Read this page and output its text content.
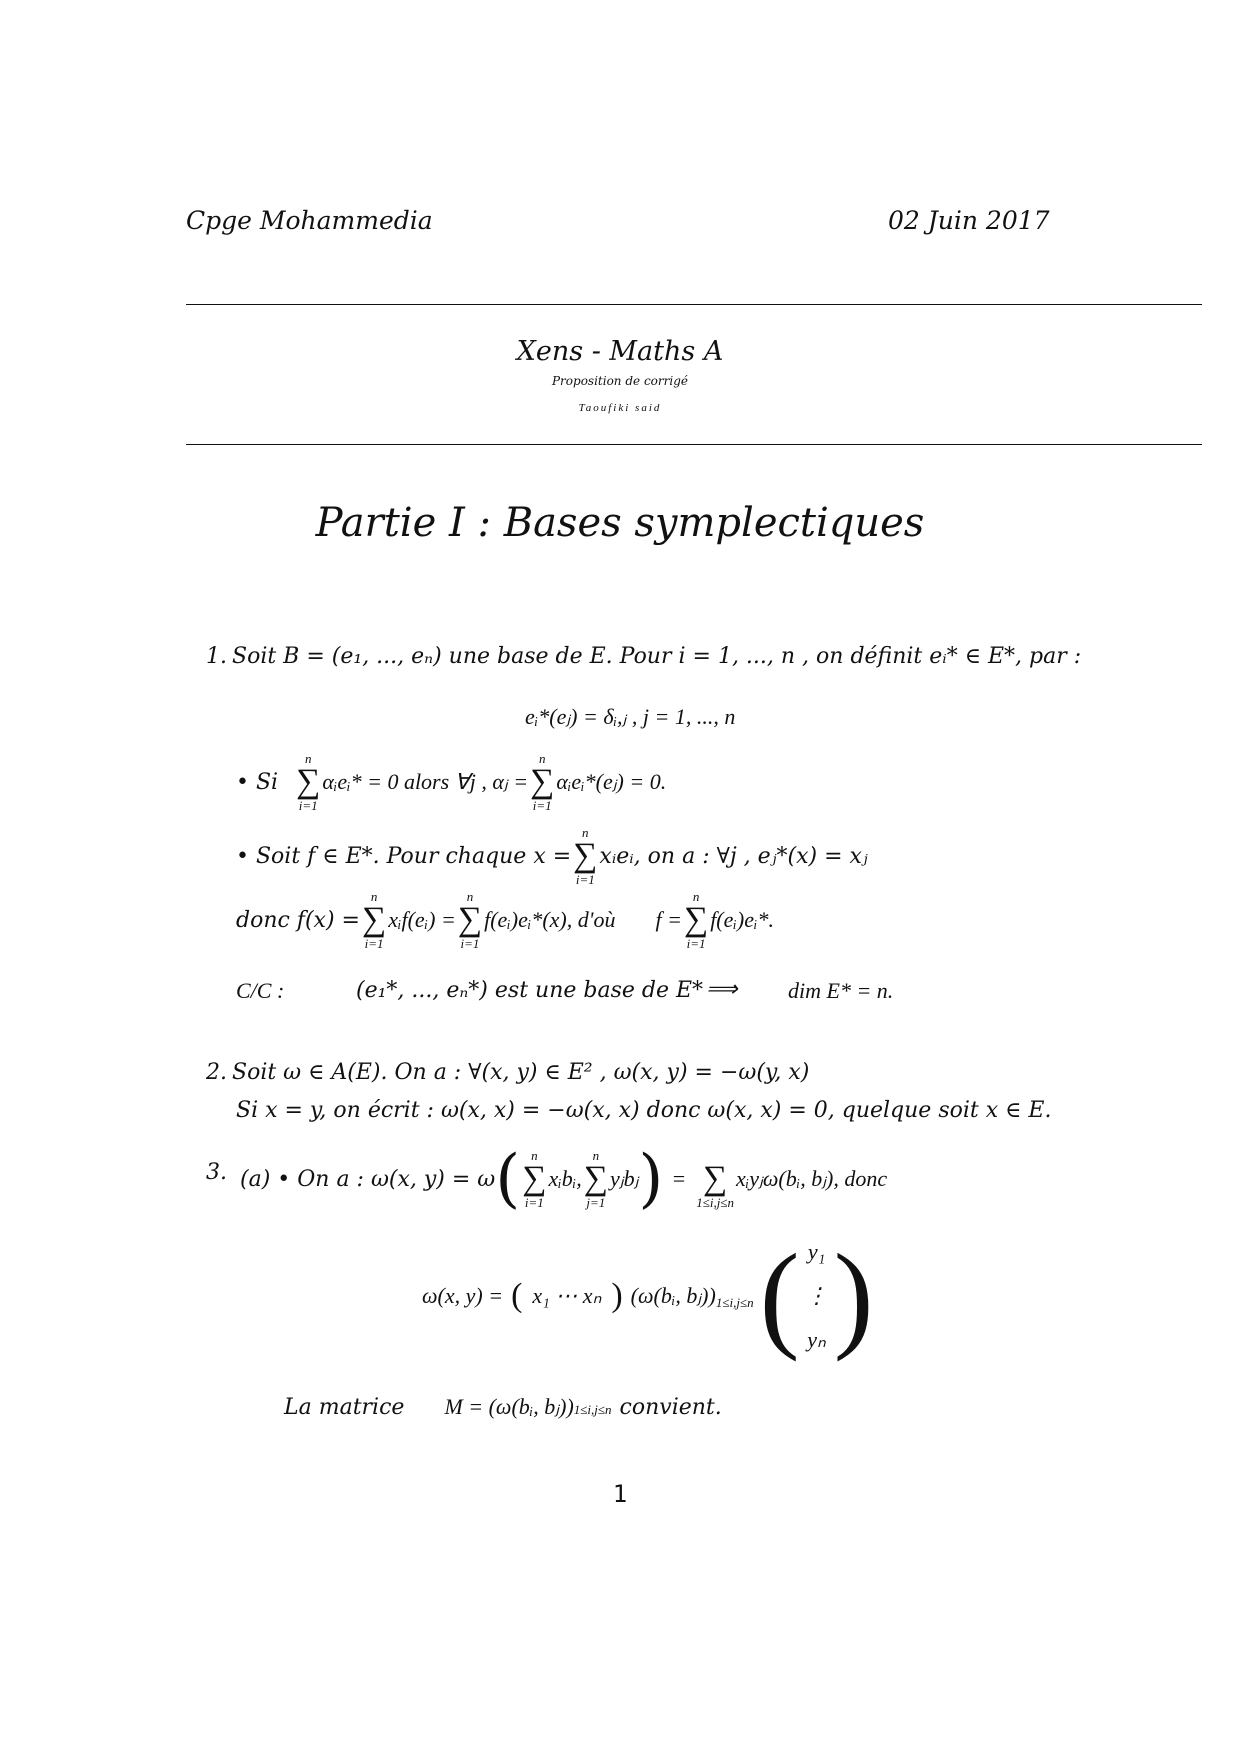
Cpge Mohammedia	02 Juin 2017
Xens - Maths A
Proposition de corrigé
Taoufiki said
Partie I : Bases symplectiques
1. Soit B = (e₁, ..., eₙ) une base de E. Pour i = 1, ..., n , on définit eᵢ* ∈ E*, par :
eᵢ*(eⱼ) = δᵢ,ⱼ , j = 1, ..., n
• Si
n
∑
i=1
αᵢeᵢ* = 0 alors ∀j , αⱼ =
n
∑
i=1
αᵢeᵢ*(eⱼ) = 0.
• Soit f ∈ E*. Pour chaque x =
n
∑
i=1
xᵢeᵢ, on a : ∀j , eⱼ*(x) = xⱼ
donc f(x) =
n
∑
i=1
xᵢf(eᵢ) =
n
∑
i=1
f(eᵢ)eᵢ*(x), d'où f =
n
∑
i=1
f(eᵢ)eᵢ*.
C/C :	(e₁*, ..., eₙ*) est une base de E* ⟹ dim E* = n.
2. Soit ω ∈ A(E). On a : ∀(x, y) ∈ E² , ω(x, y) = −ω(y, x)
Si x = y, on écrit : ω(x, x) = −ω(x, x) donc ω(x, x) = 0, quelque soit x ∈ E.
3. (a) • On a : ω(x, y) = ω ( n
∑
i=1
xᵢbᵢ,
n
∑
j=1
yⱼbⱼ ) =
∑
1≤i,j≤n
xᵢyⱼω(bᵢ, bⱼ), donc
ω(x, y) = ( x₁ ⋯ xₙ ) (ω(bᵢ, $bⱼ))_{1\le i,j\le n}$ ( y₁
⋮
yₙ )
La matrice M = (ω(bᵢ, bⱼ)) 1≤i,j≤n convient.
1
